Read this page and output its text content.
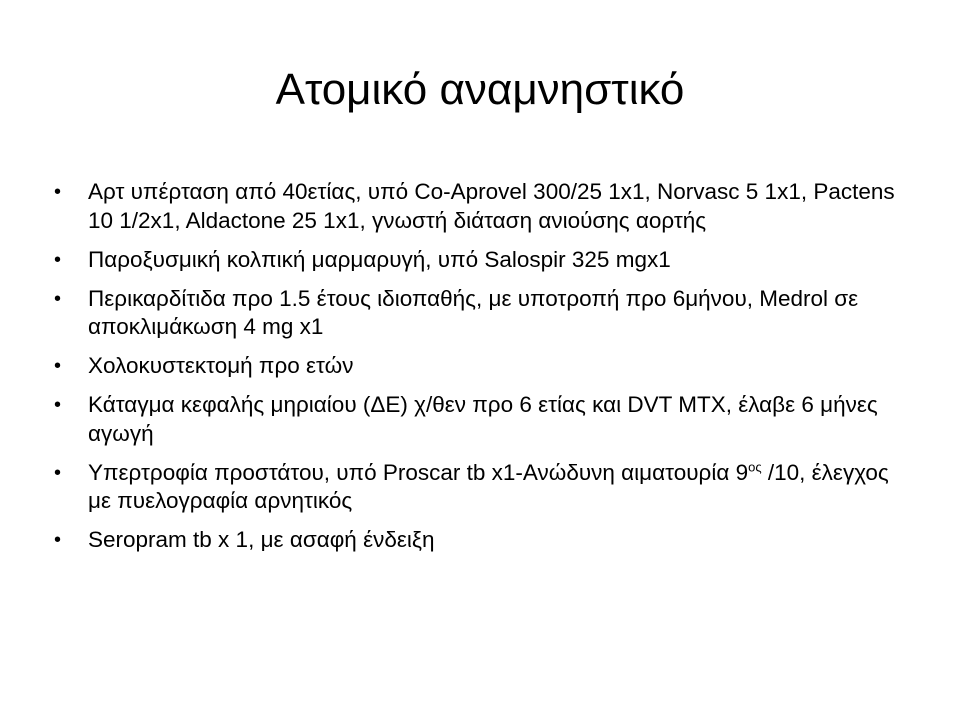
Ατομικό αναμνηστικό
• Αρτ υπέρταση από 40ετίας, υπό Co-Aprovel 300/25 1x1, Norvasc 5 1x1, Pactens 10 1/2x1, Aldactone 25 1x1, γνωστή διάταση ανιούσης αορτής
• Παροξυσμική κολπική μαρμαρυγή, υπό Salospir 325 mgx1
• Περικαρδίτιδα προ 1.5 έτους ιδιοπαθής, με υποτροπή προ 6μήνου, Medrol σε αποκλιμάκωση 4 mg x1
• Χολοκυστεκτομή προ ετών
• Κάταγμα κεφαλής μηριαίου (ΔΕ) χ/θεν προ 6 ετίας και DVT ΜΤΧ, έλαβε 6 μήνες αγωγή
• Υπερτροφία προστάτου, υπό Proscar tb x1-Ανώδυνη αιματουρία $9^{o\varsigma}$ /10, έλεγχος με πυελογραφία αρνητικός
• Seropram tb x 1, με ασαφή ένδειξη
